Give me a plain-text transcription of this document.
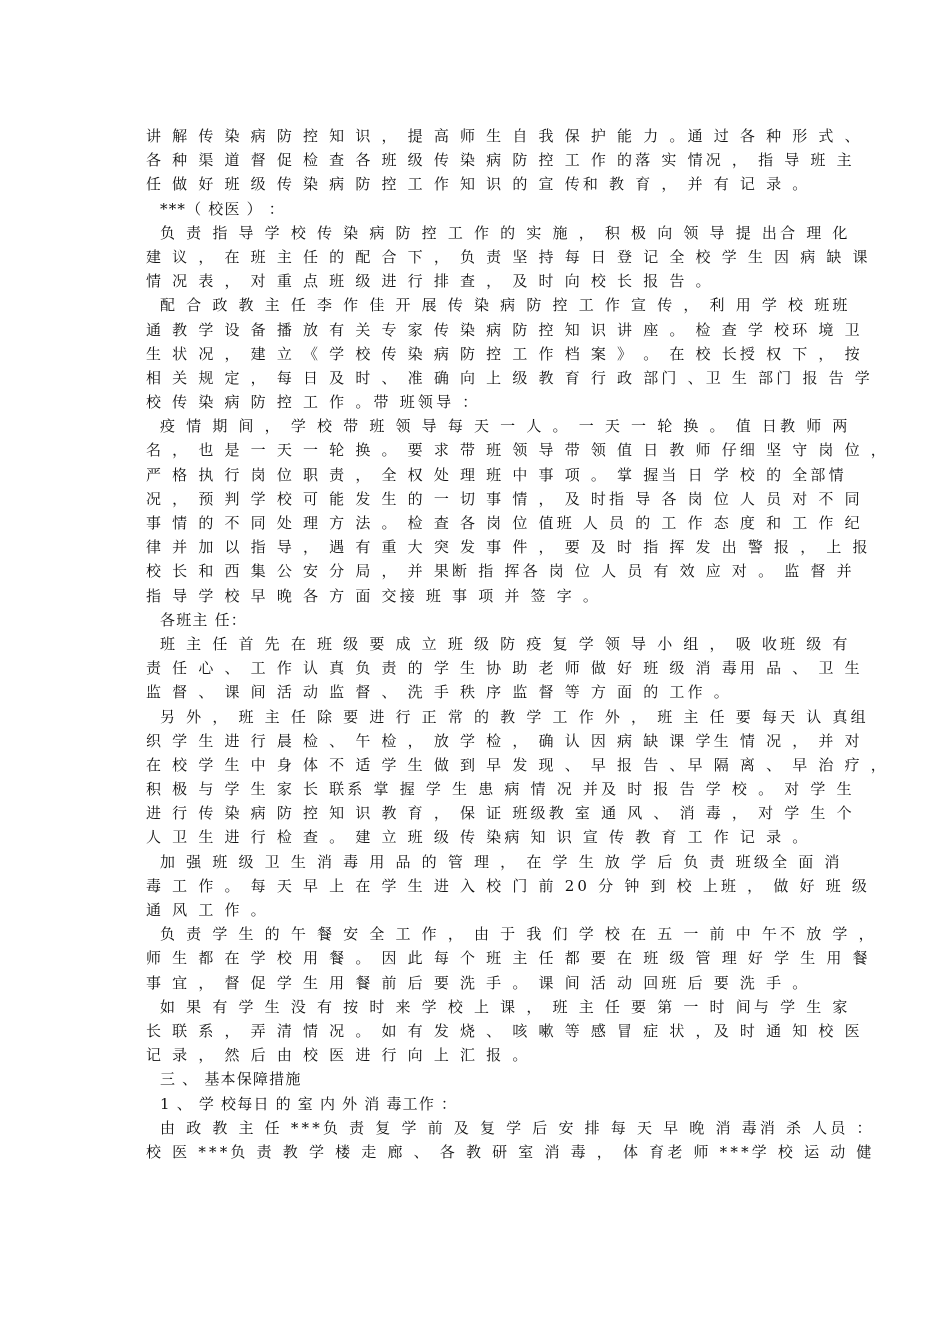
讲 解 传 染 病 防 控 知 识 ， 提 高 师 生 自 我 保 护 能 力 。通 过 各 种 形 式 、
各 种 渠 道 督 促 检 查 各 班 级 传 染 病 防 控 工 作 的落 实 情况 ， 指 导 班 主
任 做 好 班 级 传 染 病 防 控 工 作 知 识 的 宣 传和 教 育 ， 并 有 记 录 。
***（ 校医 ） ：
负 责 指 导 学 校 传 染 病 防 控 工 作 的 实 施 ， 积 极 向 领 导 提 出合 理 化
建 议 ， 在 班 主 任 的 配 合 下 ， 负 责 坚 持 每 日 登 记 全 校 学 生 因 病 缺 课
情 况 表 ， 对 重 点 班 级 进 行 排 查 ， 及 时 向 校 长 报 告 。
配 合 政 教 主 任 李 作 佳 开 展 传 染 病 防 控 工 作 宣 传 ， 利 用 学 校 班班
通 教 学 设 备 播 放 有 关 专 家 传 染 病 防 控 知 识 讲 座 。 检 查 学 校环 境 卫
生 状 况 ， 建 立 《 学 校 传 染 病 防 控 工 作 档 案 》 。 在 校 长授 权 下 ， 按
相 关 规 定 ， 每 日 及 时 、 准 确 向 上 级 教 育 行 政 部门 、卫 生 部门 报 告 学
校 传 染 病 防 控 工 作 。带 班领导 ：
疫 情 期 间 ， 学 校 带 班 领 导 每 天 一 人 。 一 天 一 轮 换 。 值 日教 师 两
名 ， 也 是 一 天 一 轮 换 。 要 求 带 班 领 导 带 领 值 日 教 师 仔细 坚 守 岗 位 ，
严 格 执 行 岗 位 职 责 ， 全 权 处 理 班 中 事 项 。 掌 握当 日 学 校 的 全部情
况 ， 预 判 学 校 可 能 发 生 的 一 切 事 情 ， 及 时指 导 各 岗 位 人 员 对 不 同
事 情 的 不 同 处 理 方 法 。 检 查 各 岗 位 值班 人 员 的 工 作 态 度 和 工 作 纪
律 并 加 以 指 导 ， 遇 有 重 大 突 发 事 件 ， 要 及 时 指 挥 发 出 警 报 ， 上 报
校 长 和 西 集 公 安 分 局 ， 并 果断 指 挥各 岗 位 人 员 有 效 应 对 。 监 督 并
指 导 学 校 早 晚 各 方 面 交接 班 事 项 并 签 字 。
各班主 任：
班 主 任 首 先 在 班 级 要 成 立 班 级 防 疫 复 学 领 导 小 组 ， 吸 收班 级 有
责 任 心 、 工 作 认 真 负 责 的 学 生 协 助 老 师 做 好 班 级 消 毒用 品 、 卫 生
监 督 、 课 间 活 动 监 督 、 洗 手 秩 序 监 督 等 方 面 的 工作 。
另 外 ， 班 主 任 除 要 进 行 正 常 的 教 学 工 作 外 ， 班 主 任 要 每天 认 真组
织 学 生 进 行 晨 检 、 午 检 ， 放 学 检 ， 确 认 因 病 缺 课 学生 情 况 ， 并 对
在 校 学 生 中 身 体 不 适 学 生 做 到 早 发 现 、 早 报 告 、早 隔 离 、 早 治 疗 ，
积 极 与 学 生 家 长 联系 掌 握 学 生 患 病 情 况 并及 时 报 告 学 校 。 对 学 生
进 行 传 染 病 防 控 知 识 教 育 ， 保 证 班级教 室 通 风 、 消 毒 ， 对 学 生 个
人 卫 生 进 行 检 查 。 建 立 班 级 传 染病 知 识 宣 传 教 育 工 作 记 录 。
加 强 班 级 卫 生 消 毒 用 品 的 管 理 ， 在 学 生 放 学 后 负 责 班级全 面 消
毒 工 作 。 每 天 早 上 在 学 生 进 入 校 门 前 20 分 钟 到 校 上班 ， 做 好 班 级
通 风 工 作 。
负 责 学 生 的 午 餐 安 全 工 作 ， 由 于 我 们 学 校 在 五 一 前 中 午不 放 学 ，
师 生 都 在 学 校 用 餐 。 因 此 每 个 班 主 任 都 要 在 班 级 管 理 好 学 生 用 餐
事 宜 ， 督 促 学 生 用 餐 前 后 要 洗 手 。 课 间 活 动 回班 后 要 洗 手 。
如 果 有 学 生 没 有 按 时 来 学 校 上 课 ， 班 主 任 要 第 一 时 间与 学 生 家
长 联 系 ， 弄 清 情 况 。 如 有 发 烧 、 咳 嗽 等 感 冒 症 状 ，及 时 通 知 校 医
记 录 ， 然 后 由 校 医 进 行 向 上 汇 报 。
三 、 基本保障措施
1 、 学 校每日 的 室 内 外 消 毒工作 ：
由 政 教 主 任 ***负 责 复 学 前 及 复 学 后 安 排 每 天 早 晚 消 毒消 杀 人员 ：
校 医 ***负 责 教 学 楼 走 廊 、 各 教 研 室 消 毒 ， 体 育老 师 ***学 校 运 动 健
